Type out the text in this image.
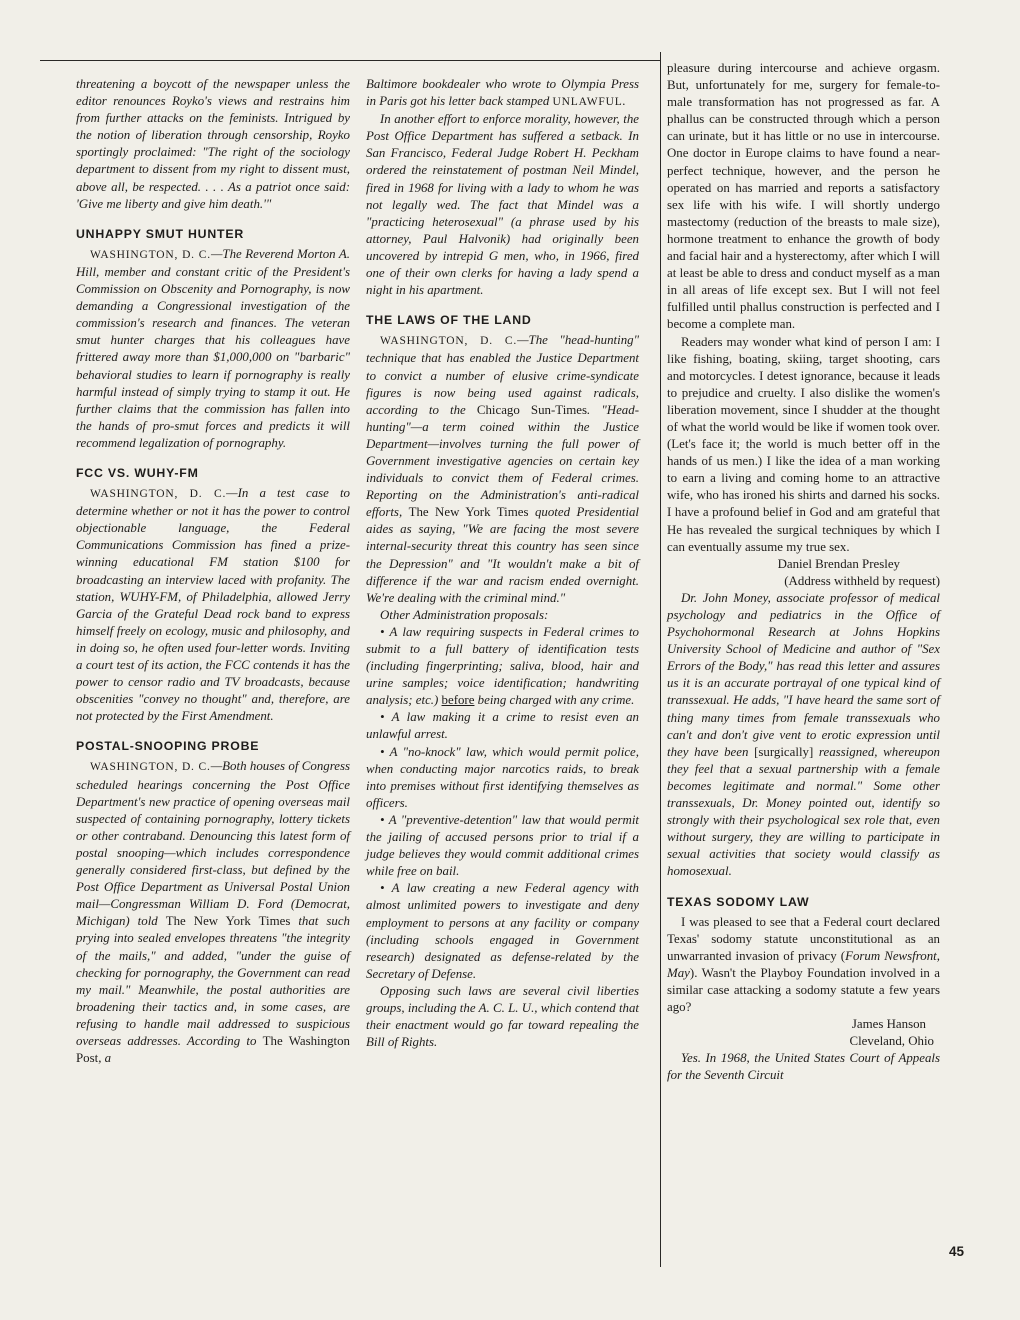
threatening a boycott of the newspaper unless the editor renounces Royko's views and restrains him from further attacks on the feminists. Intrigued by the notion of liberation through censorship, Royko sportingly proclaimed: "The right of the sociology department to dissent from my right to dissent must, above all, be respected. . . . As a patriot once said: 'Give me liberty and give him death.'"

UNHAPPY SMUT HUNTER

WASHINGTON, D. C.—The Reverend Morton A. Hill, member and constant critic of the President's Commission on Obscenity and Pornography, is now demanding a Congressional investigation of the commission's research and finances. The veteran smut hunter charges that his colleagues have frittered away more than $1,000,000 on "barbaric" behavioral studies to learn if pornography is really harmful instead of simply trying to stamp it out. He further claims that the commission has fallen into the hands of pro-smut forces and predicts it will recommend legalization of pornography.

FCC VS. WUHY-FM

WASHINGTON, D. C.—In a test case to determine whether or not it has the power to control objectionable language, the Federal Communications Commission has fined a prize-winning educational FM station $100 for broadcasting an interview laced with profanity. The station, WUHY-FM, of Philadelphia, allowed Jerry Garcia of the Grateful Dead rock band to express himself freely on ecology, music and philosophy, and in doing so, he often used four-letter words. Inviting a court test of its action, the FCC contends it has the power to censor radio and TV broadcasts, because obscenities "convey no thought" and, therefore, are not protected by the First Amendment.

POSTAL-SNOOPING PROBE

WASHINGTON, D. C.—Both houses of Congress scheduled hearings concerning the Post Office Department's new practice of opening overseas mail suspected of containing pornography, lottery tickets or other contraband. Denouncing this latest form of postal snooping—which includes correspondence generally considered first-class, but defined by the Post Office Department as Universal Postal Union mail—Congressman William D. Ford (Democrat, Michigan) told The New York Times that such prying into sealed envelopes threatens "the integrity of the mails," and added, "under the guise of checking for pornography, the Government can read my mail." Meanwhile, the postal authorities are broadening their tactics and, in some cases, are refusing to handle mail addressed to suspicious overseas addresses. According to The Washington Post, a

Baltimore bookdealer who wrote to Olympia Press in Paris got his letter back stamped UNLAWFUL.

In another effort to enforce morality, however, the Post Office Department has suffered a setback. In San Francisco, Federal Judge Robert H. Peckham ordered the reinstatement of postman Neil Mindel, fired in 1968 for living with a lady to whom he was not legally wed. The fact that Mindel was a "practicing heterosexual" (a phrase used by his attorney, Paul Halvonik) had originally been uncovered by intrepid G men, who, in 1966, fired one of their own clerks for having a lady spend a night in his apartment.

THE LAWS OF THE LAND

WASHINGTON, D. C.—The "head-hunting" technique that has enabled the Justice Department to convict a number of elusive crime-syndicate figures is now being used against radicals, according to the Chicago Sun-Times. "Head-hunting"—a term coined within the Justice Department—involves turning the full power of Government investigative agencies on certain key individuals to convict them of Federal crimes. Reporting on the Administration's anti-radical efforts, The New York Times quoted Presidential aides as saying, "We are facing the most severe internal-security threat this country has seen since the Depression" and "It wouldn't make a bit of difference if the war and racism ended overnight. We're dealing with the criminal mind."

Other Administration proposals:

• A law requiring suspects in Federal crimes to submit to a full battery of identification tests (including fingerprinting; saliva, blood, hair and urine samples; voice identification; handwriting analysis; etc.) before being charged with any crime.

• A law making it a crime to resist even an unlawful arrest.

• A "no-knock" law, which would permit police, when conducting major narcotics raids, to break into premises without first identifying themselves as officers.

• A "preventive-detention" law that would permit the jailing of accused persons prior to trial if a judge believes they would commit additional crimes while free on bail.

• A law creating a new Federal agency with almost unlimited powers to investigate and deny employment to persons at any facility or company (including schools engaged in Government research) designated as defense-related by the Secretary of Defense.

Opposing such laws are several civil liberties groups, including the A. C. L. U., which contend that their enactment would go far toward repealing the Bill of Rights.

pleasure during intercourse and achieve orgasm. But, unfortunately for me, surgery for female-to-male transformation has not progressed as far. A phallus can be constructed through which a person can urinate, but it has little or no use in intercourse. One doctor in Europe claims to have found a near-perfect technique, however, and the person he operated on has married and reports a satisfactory sex life with his wife. I will shortly undergo mastectomy (reduction of the breasts to male size), hormone treatment to enhance the growth of body and facial hair and a hysterectomy, after which I will at least be able to dress and conduct myself as a man in all areas of life except sex. But I will not feel fulfilled until phallus construction is perfected and I become a complete man.

Readers may wonder what kind of person I am: I like fishing, boating, skiing, target shooting, cars and motorcycles. I detest ignorance, because it leads to prejudice and cruelty. I also dislike the women's liberation movement, since I shudder at the thought of what the world would be like if women took over. (Let's face it; the world is much better off in the hands of us men.) I like the idea of a man working to earn a living and coming home to an attractive wife, who has ironed his shirts and darned his socks. I have a profound belief in God and am grateful that He has revealed the surgical techniques by which I can eventually assume my true sex.

Daniel Brendan Presley
(Address withheld by request)

Dr. John Money, associate professor of medical psychology and pediatrics in the Office of Psychohormonal Research at Johns Hopkins University School of Medicine and author of "Sex Errors of the Body," has read this letter and assures us it is an accurate portrayal of one typical kind of transsexual. He adds, "I have heard the same sort of thing many times from female transsexuals who can't and don't give vent to erotic expression until they have been [surgically] reassigned, whereupon they feel that a sexual partnership with a female becomes legitimate and normal." Some other transsexuals, Dr. Money pointed out, identify so strongly with their psychological sex role that, even without surgery, they are willing to participate in sexual activities that society would classify as homosexual.

TEXAS SODOMY LAW

I was pleased to see that a Federal court declared Texas' sodomy statute unconstitutional as an unwarranted invasion of privacy (Forum Newsfront, May). Wasn't the Playboy Foundation involved in a similar case attacking a sodomy statute a few years ago?

James Hanson
Cleveland, Ohio

Yes. In 1968, the United States Court of Appeals for the Seventh Circuit

45
